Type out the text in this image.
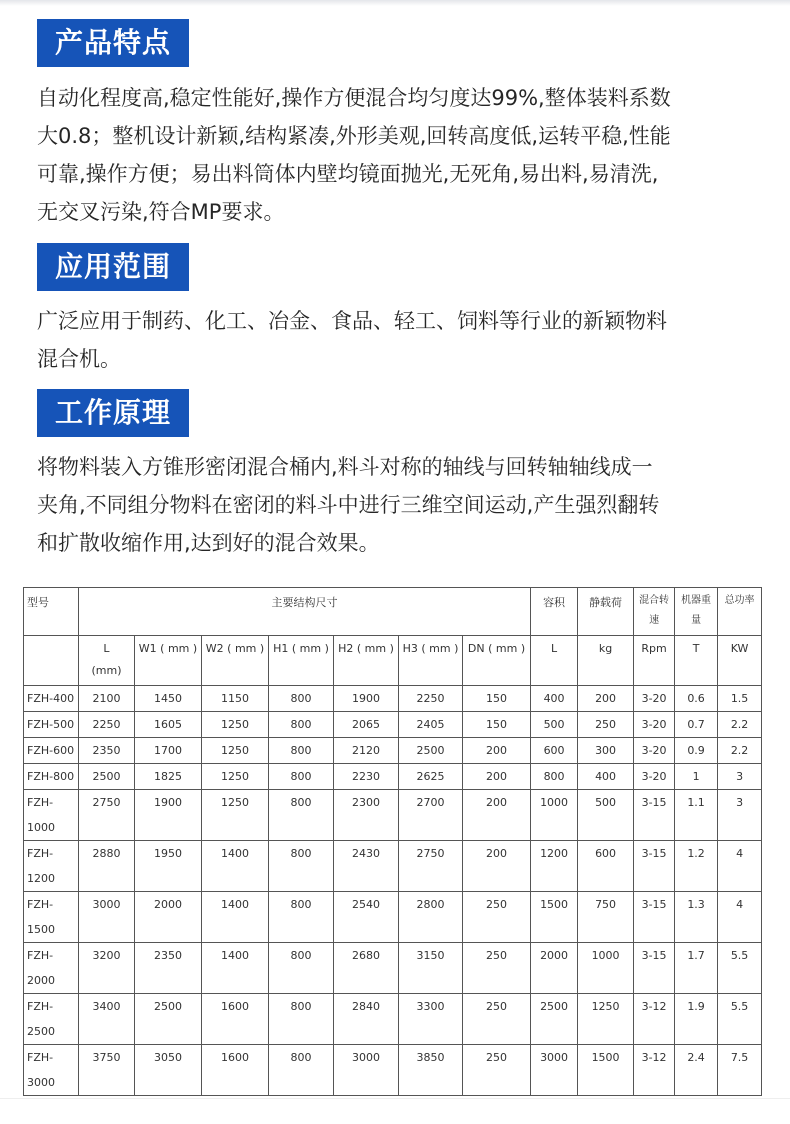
产品特点
自动化程度高,稳定性能好,操作方便混合均匀度达99%,整体装料系数
大0.8；整机设计新颖,结构紧凑,外形美观,回转高度低,运转平稳,性能
可靠,操作方便；易出料筒体内壁均镜面抛光,无死角,易出料,易清洗,
无交叉污染,符合MP要求。
应用范围
广泛应用于制药、化工、冶金、食品、轻工、饲料等行业的新颖物料
混合机。
工作原理
将物料装入方锥形密闭混合桶内,料斗对称的轴线与回转轴轴线成一
夹角,不同组分物料在密闭的料斗中进行三维空间运动,产生强烈翻转
和扩散收缩作用,达到好的混合效果。
型号	主要结构尺寸							容积	静载荷	混合转
速	机器重
量	总功率
	L
(mm)	W1 ( mm )	W2 ( mm )	H1 ( mm )	H2 ( mm )	H3 ( mm )	DN ( mm )	L	kg	Rpm	T	KW

FZH-400	2100	1450	1150	800	1900	2250	150	400	200	3-20	0.6	1.5

FZH-500	2250	1605	1250	800	2065	2405	150	500	250	3-20	0.7	2.2

FZH-600	2350	1700	1250	800	2120	2500	200	600	300	3-20	0.9	2.2

FZH-800	2500	1825	1250	800	2230	2625	200	800	400	3-20	1	3

FZH-
1000	2750	1900	1250	800	2300	2700	200	1000	500	3-15	1.1	3

FZH-
1200	2880	1950	1400	800	2430	2750	200	1200	600	3-15	1.2	4

FZH-
1500	3000	2000	1400	800	2540	2800	250	1500	750	3-15	1.3	4

FZH-
2000	3200	2350	1400	800	2680	3150	250	2000	1000	3-15	1.7	5.5

FZH-
2500	3400	2500	1600	800	2840	3300	250	2500	1250	3-12	1.9	5.5

FZH-
3000	3750	3050	1600	800	3000	3850	250	3000	1500	3-12	2.4	7.5
